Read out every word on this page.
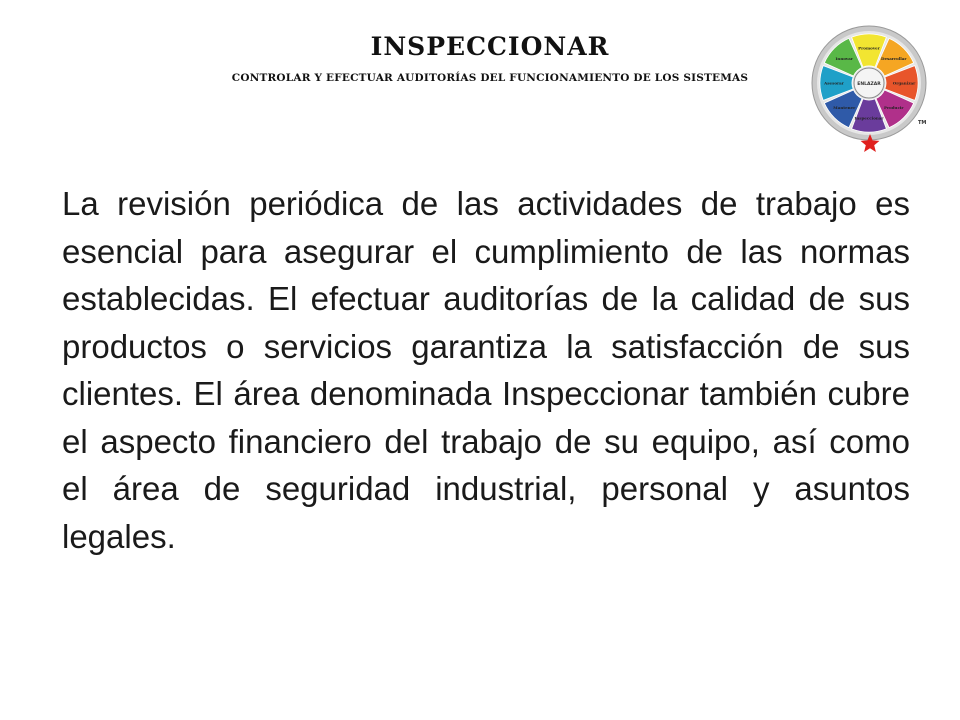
INSPECCIONAR
CONTROLAR Y EFECTUAR AUDITORÍAS DEL FUNCIONAMIENTO DE LOS SISTEMAS
Promover
Desarrollar
Organizar
Producir
Inspeccionar
Mantener
Asesorar
Innovar
ENLAZAR
TM

La revisión periódica de las actividades de trabajo es esencial para asegurar el cumplimiento de las normas establecidas. El efectuar auditorías de la calidad de sus productos o servicios garantiza la satisfacción de sus clientes. El área denominada Inspeccionar también cubre el aspecto financiero del trabajo de su equipo, así como el área de seguridad industrial, personal y asuntos legales.
